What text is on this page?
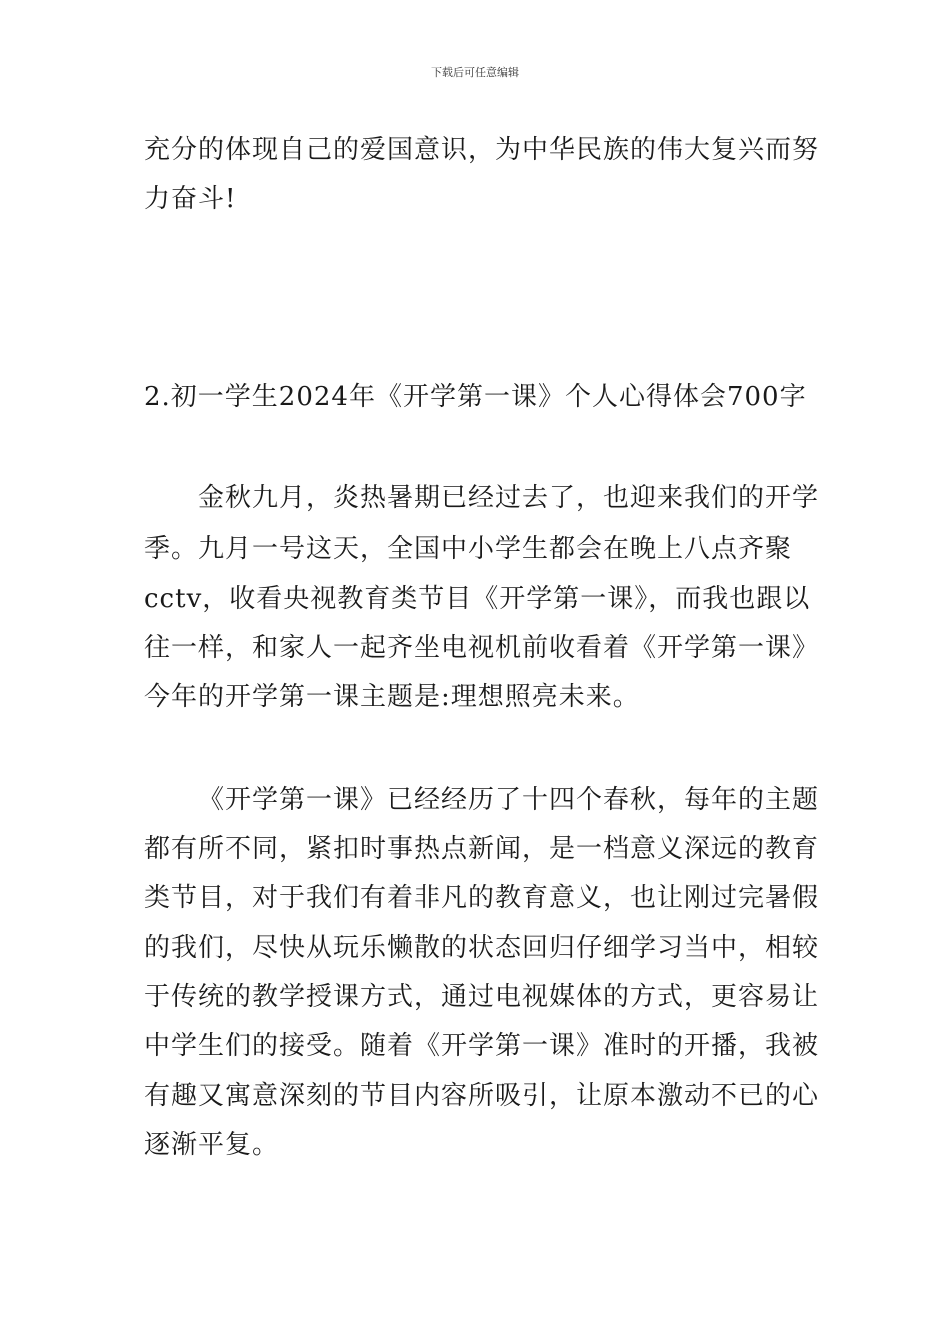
下载后可任意编辑
充分的体现自己的爱国意识，为中华民族的伟大复兴而努
力奋斗!
2.初一学生2024年《开学第一课》个人心得体会700字
金秋九月，炎热暑期已经过去了，也迎来我们的开学
季。九月一号这天，全国中小学生都会在晚上八点齐聚
cctv，收看央视教育类节目《开学第一课》，而我也跟以
往一样，和家人一起齐坐电视机前收看着《开学第一课》
今年的开学第一课主题是:理想照亮未来。
《开学第一课》已经经历了十四个春秋，每年的主题
都有所不同，紧扣时事热点新闻，是一档意义深远的教育
类节目，对于我们有着非凡的教育意义，也让刚过完暑假
的我们，尽快从玩乐懒散的状态回归仔细学习当中，相较
于传统的教学授课方式，通过电视媒体的方式，更容易让
中学生们的接受。随着《开学第一课》准时的开播，我被
有趣又寓意深刻的节目内容所吸引，让原本激动不已的心
逐渐平复。
